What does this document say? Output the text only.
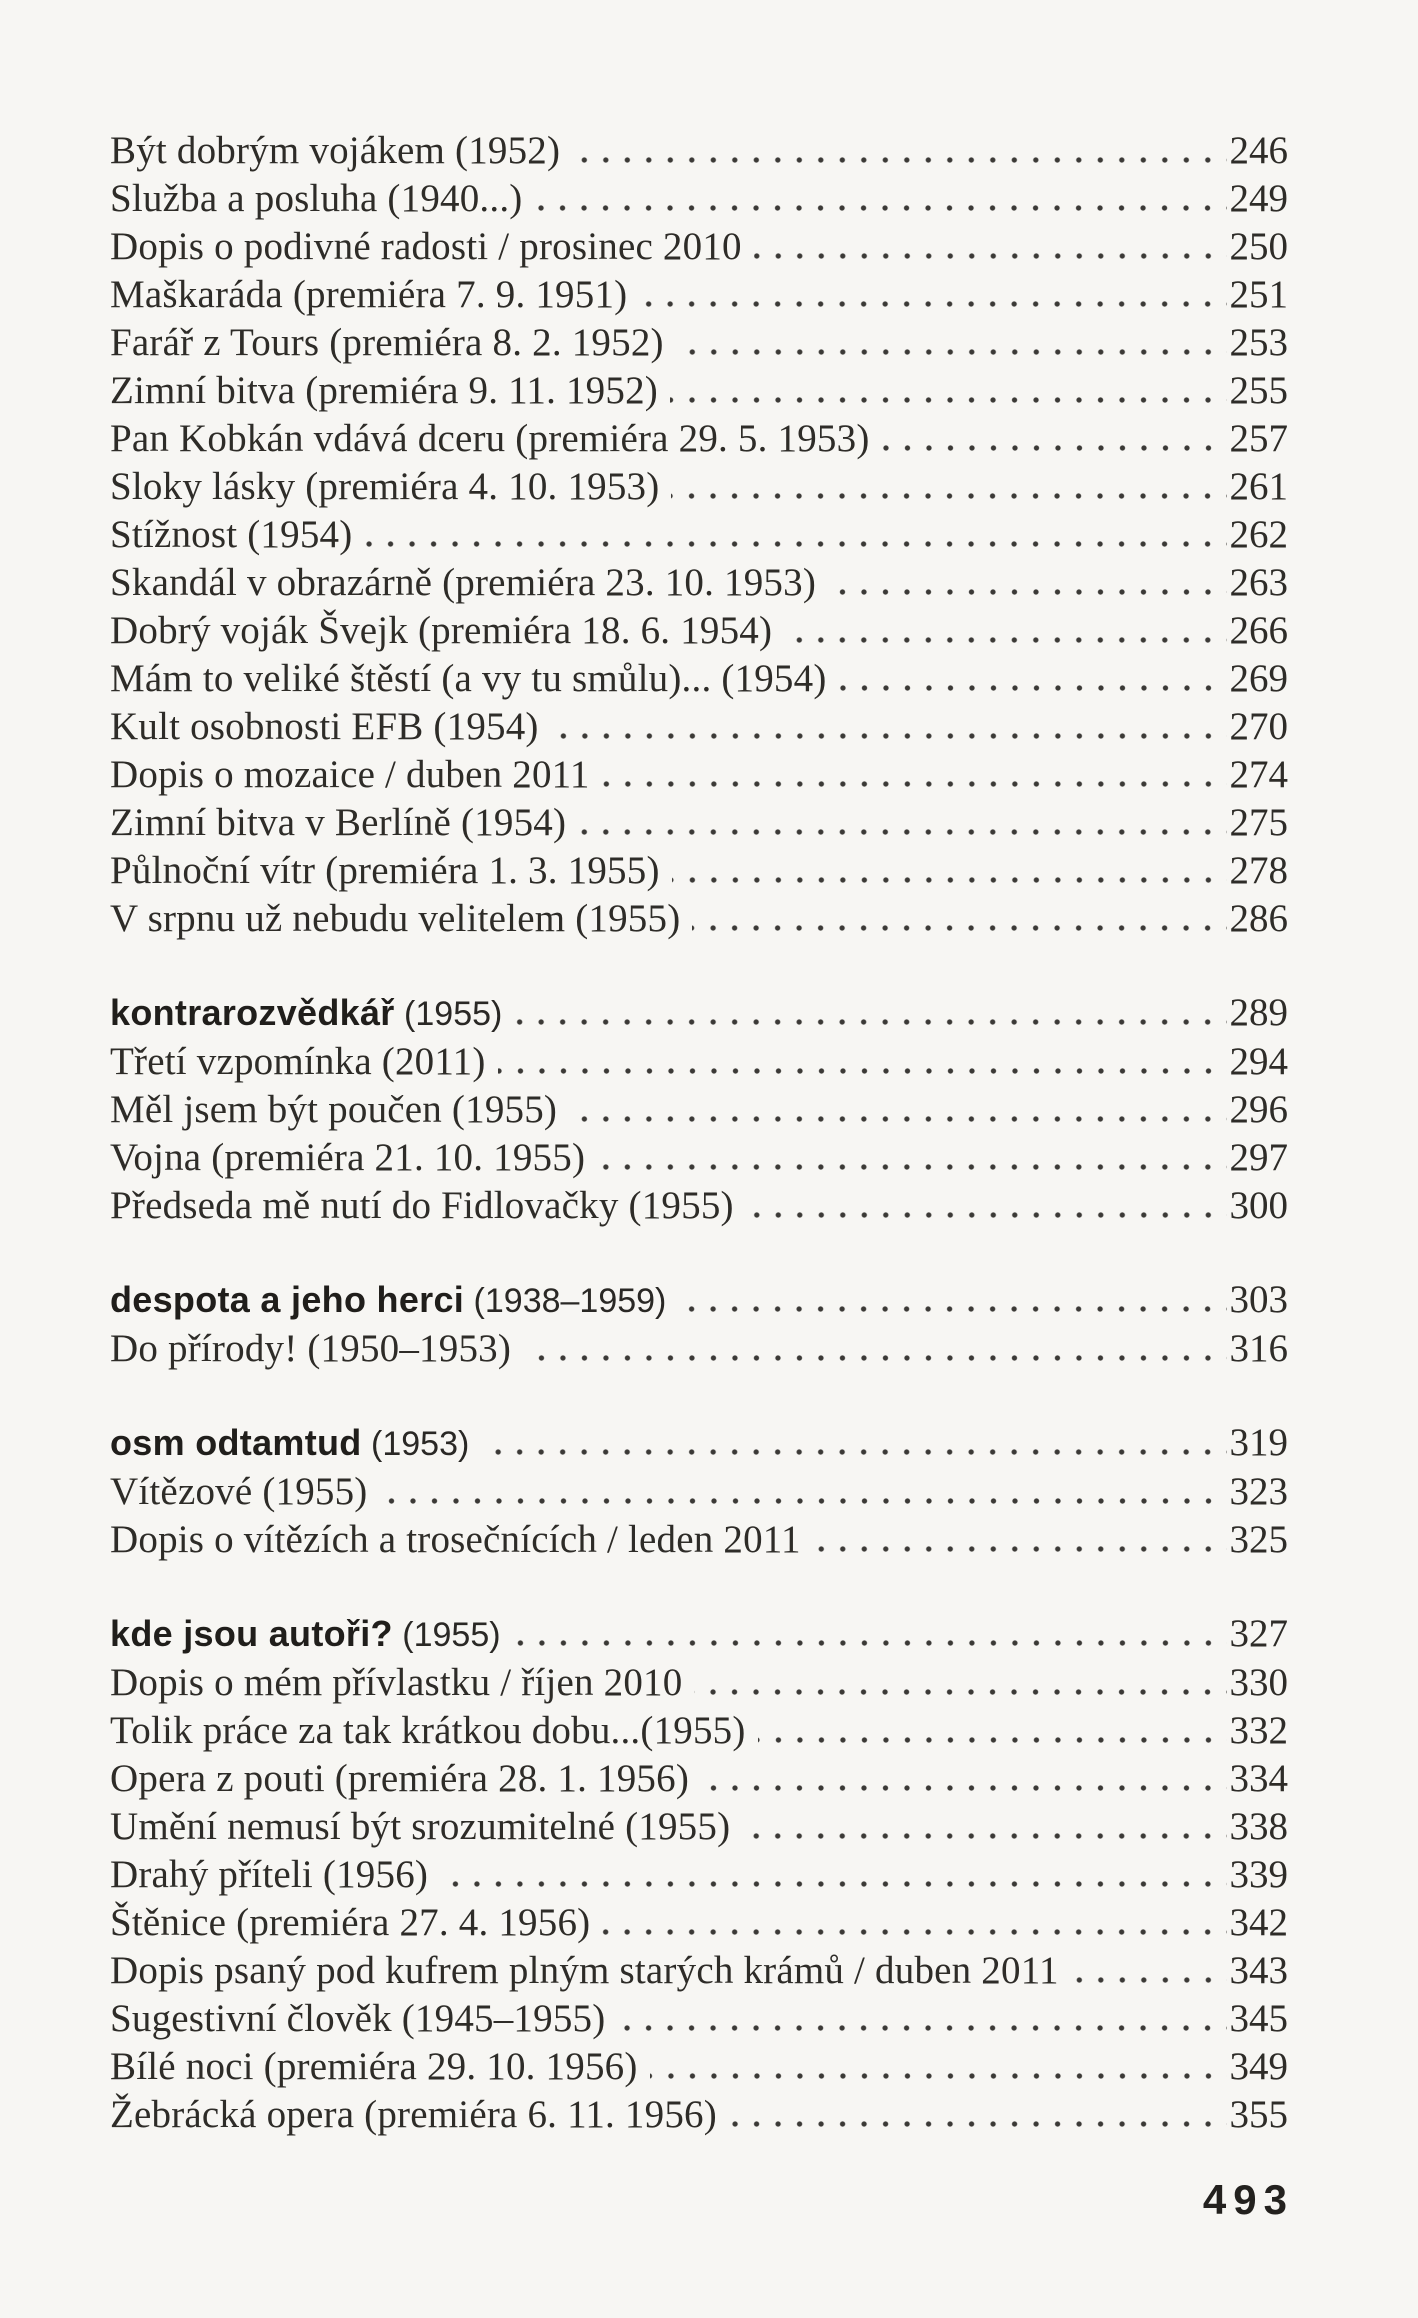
Být dobrým vojákem (1952)	246
Služba a posluha (1940...)	249
Dopis o podivné radosti / prosinec 2010	250
Maškaráda (premiéra 7. 9. 1951)	251
Farář z Tours (premiéra 8. 2. 1952)	253
Zimní bitva (premiéra 9. 11. 1952)	255
Pan Kobkán vdává dceru (premiéra 29. 5. 1953)	257
Sloky lásky (premiéra 4. 10. 1953)	261
Stížnost (1954)	262
Skandál v obrazárně (premiéra 23. 10. 1953)	263
Dobrý voják Švejk (premiéra 18. 6. 1954)	266
Mám to veliké štěstí (a vy tu smůlu)... (1954)	269
Kult osobnosti EFB (1954)	270
Dopis o mozaice / duben 2011	274
Zimní bitva v Berlíně (1954)	275
Půlnoční vítr (premiéra 1. 3. 1955)	278
V srpnu už nebudu velitelem (1955)	286
kontrarozvědkář (1955)	289
Třetí vzpomínka (2011)	294
Měl jsem být poučen (1955)	296
Vojna (premiéra 21. 10. 1955)	297
Předseda mě nutí do Fidlovačky (1955)	300
despota a jeho herci (1938–1959)	303
Do přírody! (1950–1953)	316
osm odtamtud (1953)	319
Vítězové (1955)	323
Dopis o vítězích a trosečnících / leden 2011	325
kde jsou autoři? (1955)	327
Dopis o mém přívlastku / říjen 2010	330
Tolik práce za tak krátkou dobu...(1955)	332
Opera z pouti (premiéra 28. 1. 1956)	334
Umění nemusí být srozumitelné (1955)	338
Drahý příteli (1956)	339
Štěnice (premiéra 27. 4. 1956)	342
Dopis psaný pod kufrem plným starých krámů / duben 2011	343
Sugestivní člověk (1945–1955)	345
Bílé noci (premiéra 29. 10. 1956)	349
Žebrácká opera (premiéra 6. 11. 1956)	355
493
